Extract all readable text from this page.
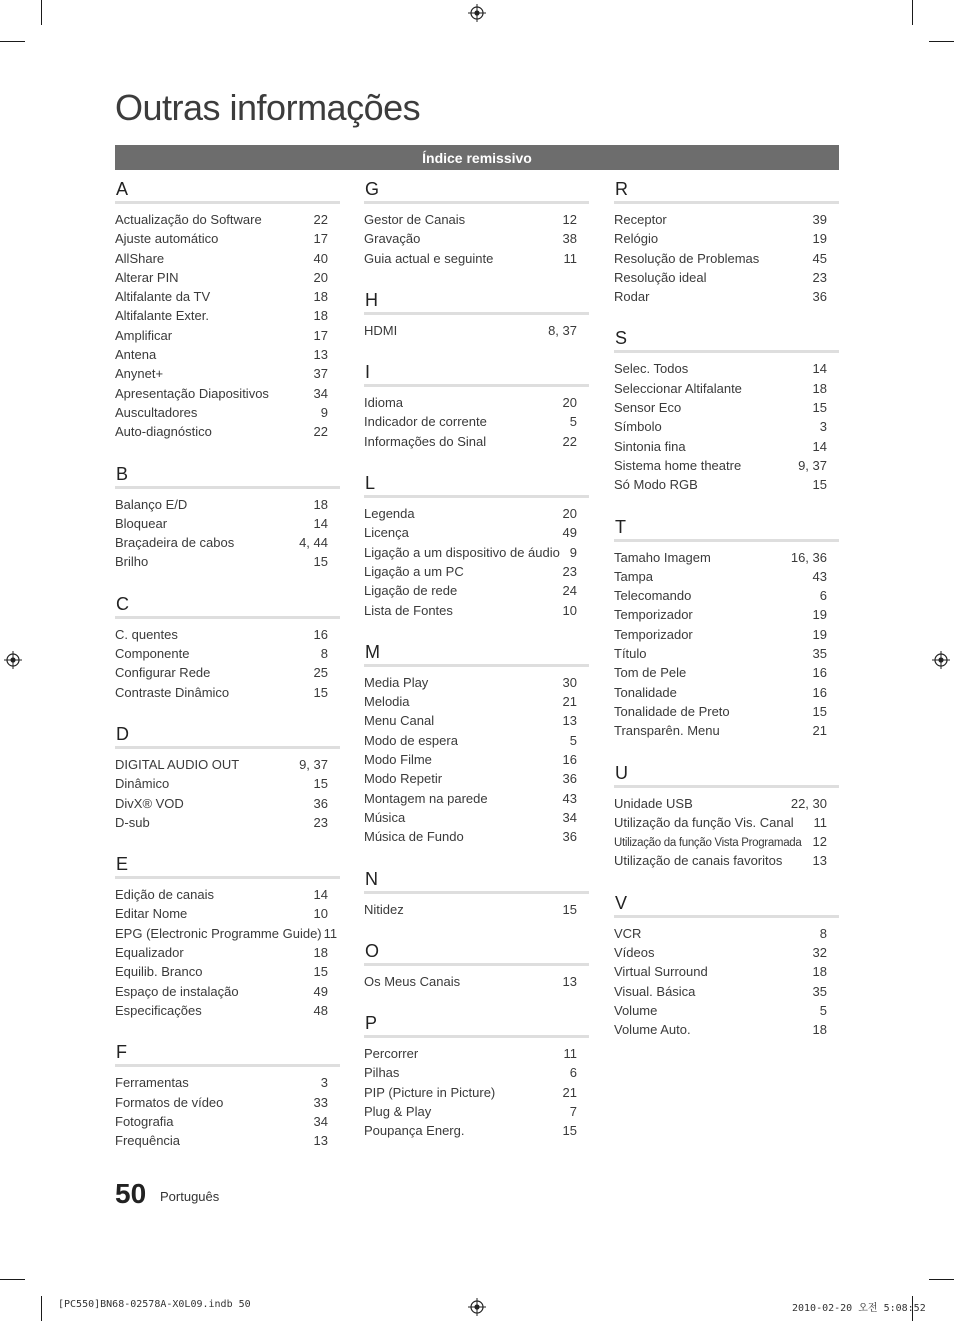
Outras informações
Índice remissivo
A
Actualização do Software	22
Ajuste automático	17
AllShare	40
Alterar PIN	20
Altifalante da TV	18
Altifalante Exter.	18
Amplificar	17
Antena	13
Anynet+	37
Apresentação Diapositivos	34
Auscultadores	9
Auto-diagnóstico	22
B
Balanço E/D	18
Bloquear	14
Braçadeira de cabos	4, 44
Brilho	15
C
C. quentes	16
Componente	8
Configurar Rede	25
Contraste Dinâmico	15
D
DIGITAL AUDIO OUT	9, 37
Dinâmico	15
DivX® VOD	36
D-sub	23
E
Edição de canais	14
Editar Nome	10
EPG (Electronic Programme Guide) 11
Equalizador	18
Equilib. Branco	15
Espaço de instalação	49
Especificações	48
F
Ferramentas	3
Formatos de vídeo	33
Fotografia	34
Frequência	13
G
Gestor de Canais	12
Gravação	38
Guia actual e seguinte	11
H
HDMI	8, 37
I
Idioma	20
Indicador de corrente	5
Informações do Sinal	22
L
Legenda	20
Licença	49
Ligação a um dispositivo de áudio 9
Ligação a um PC	23
Ligação de rede	24
Lista de Fontes	10
M
Media Play	30
Melodia	21
Menu Canal	13
Modo de espera	5
Modo Filme	16
Modo Repetir	36
Montagem na parede	43
Música	34
Música de Fundo	36
N
Nitidez	15
O
Os Meus Canais	13
P
Percorrer	11
Pilhas	6
PIP (Picture in Picture)	21
Plug & Play	7
Poupança Energ.	15
R
Receptor	39
Relógio	19
Resolução de Problemas	45
Resolução ideal	23
Rodar	36
S
Selec. Todos	14
Seleccionar Altifalante	18
Sensor Eco	15
Símbolo	3
Sintonia fina	14
Sistema home theatre	9, 37
Só Modo RGB	15
T
Tamaho Imagem	16, 36
Tampa	43
Telecomando	6
Temporizador	19
Temporizador	19
Título	35
Tom de Pele	16
Tonalidade	16
Tonalidade de Preto	15
Transparên. Menu	21
U
Unidade USB	22, 30
Utilização da função Vis. Canal 11
Utilização da função Vista Programada 12
Utilização de canais favoritos 13
V
VCR	8
Vídeos	32
Virtual Surround	18
Visual. Básica	35
Volume	5
Volume Auto.	18
50 Português
[PC550]BN68-02578A-X0L09.indb 50	2010-02-20 오전 5:08:52
